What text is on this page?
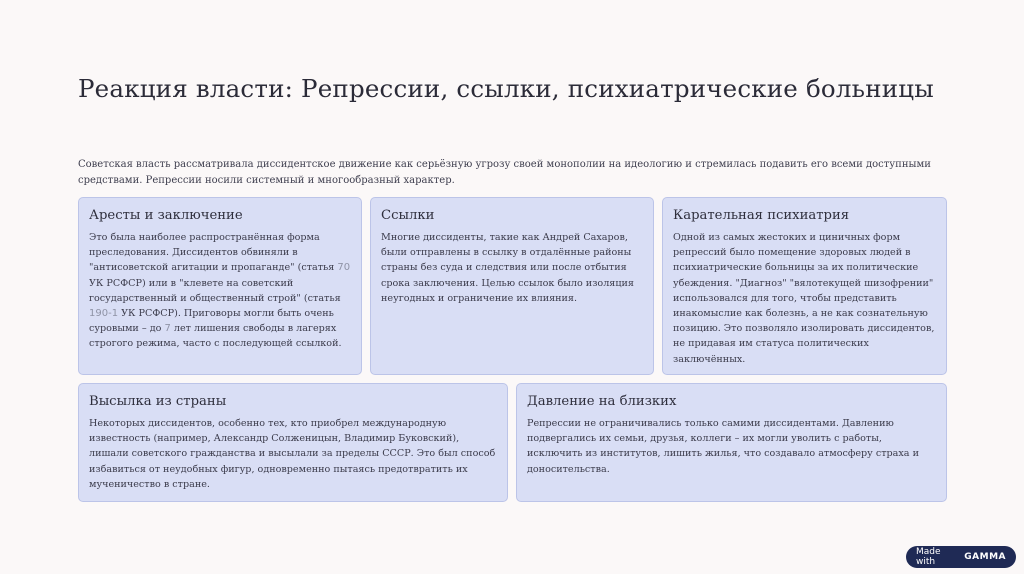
Реакция власти: Репрессии, ссылки, психиатрические больницы

Советская власть рассматривала диссидентское движение как серьёзную угрозу своей монополии на идеологию и стремилась подавить его всеми доступными средствами. Репрессии носили системный и многообразный характер.

Аресты и заключение

Это была наиболее распространённая форма преследования. Диссидентов обвиняли в "антисоветской агитации и пропаганде" (статья 70 УК РСФСР) или в "клевете на советский государственный и общественный строй" (статья 190-1 УК РСФСР). Приговоры могли быть очень суровыми – до 7 лет лишения свободы в лагерях строгого режима, часто с последующей ссылкой.

Ссылки

Многие диссиденты, такие как Андрей Сахаров, были отправлены в ссылку в отдалённые районы страны без суда и следствия или после отбытия срока заключения. Целью ссылок было изоляция неугодных и ограничение их влияния.

Карательная психиатрия

Одной из самых жестоких и циничных форм репрессий было помещение здоровых людей в психиатрические больницы за их политические убеждения. "Диагноз" "вялотекущей шизофрении" использовался для того, чтобы представить инакомыслие как болезнь, а не как сознательную позицию. Это позволяло изолировать диссидентов, не придавая им статуса политических заключённых.

Высылка из страны

Некоторых диссидентов, особенно тех, кто приобрел международную известность (например, Александр Солженицын, Владимир Буковский), лишали советского гражданства и высылали за пределы СССР. Это был способ избавиться от неудобных фигур, одновременно пытаясь предотвратить их мученичество в стране.

Давление на близких

Репрессии не ограничивались только самими диссидентами. Давлению подвергались их семьи, друзья, коллеги – их могли уволить с работы, исключить из институтов, лишить жилья, что создавало атмосферу страха и доносительства.

Made with	GAMMA
